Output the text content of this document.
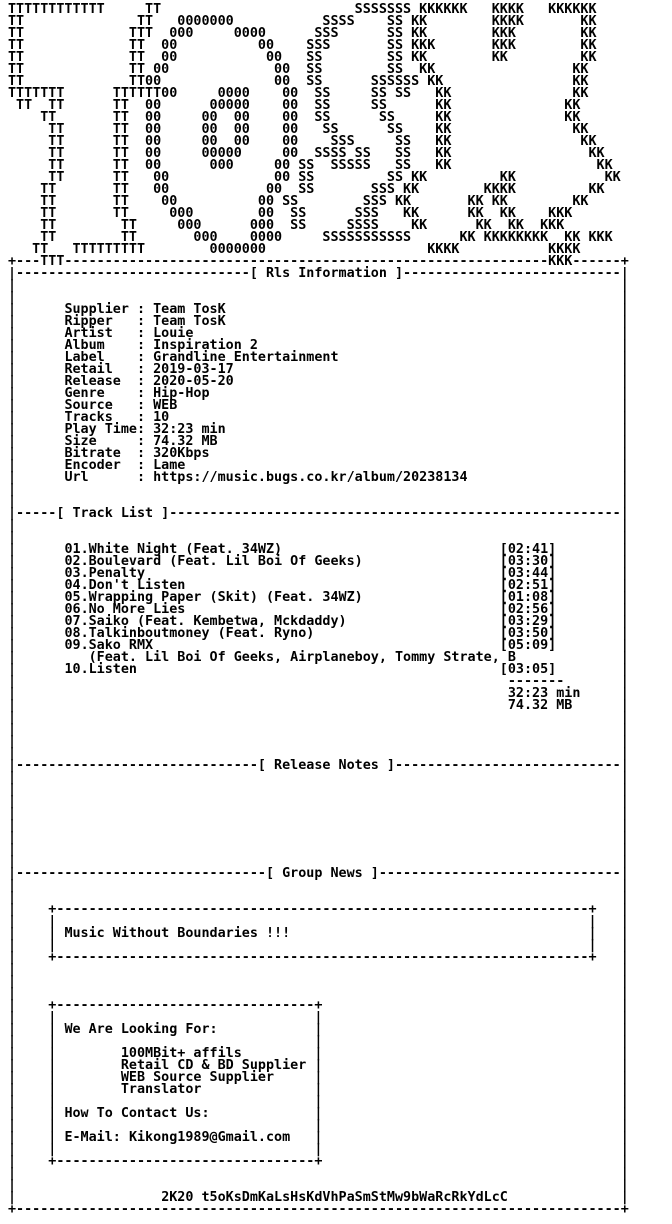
TTTTTTTTTTTT     TT                        SSSSSSS KKKKKK   KKKK   KKKKKK
TT              TT   0000000           SSSS    SS KK        KKKK       KK
TT             TTT  000     0000      SSS      SS KK        KKK        KK
TT             TT  00          00    SSS       SS KKK       KKK        KK
TT             TT  00           00   SS        SS KK        KK         KK
TT             TT 00             00  SS        SS  KK                 KK
TT             TT00              00  SS      SSSSSS KK                KK
TTTTTTT      TTTTTT00     0000    00  SS     SS SS   KK               KK
TT  TT      TT  00      00000    00  SS     SS      KK              KK
TT       TT  00     00  00    00  SS      SS     KK              KK
TT      TT  00     00  00    00   SS      SS    KK               KK
TT      TT  00     00  00    00    SSS     SS   KK                KK
TT      TT  00     00000     00  SSSS SS   SS   KK                 KK
TT      TT  00      000     00 SS  SSSSS   SS   KK                  KK
TT      TT   00             00 SS         SS KK         KK           KK
TT       TT   00            00  SS       SSS KK        KKKK         KK
TT       TT    00          00 SS        SSS KK       KK KK        KK
TT       TT     000        00  SS      SSS   KK      KK  KK    KKK
TT        TT     000      000  SS     SSSS    KK      KK  KK  KKK
TT        TT       000    0000     SSSSSSSSSSS      KK KKKKKKKK  KK KKK
TT   TTTTTTTTT        0000000                    KKKK           KKKK
+---TTT------------------------------------------------------------KKK------+
|-----------------------------[ Rls Information ]---------------------------|
|                                                                           |
|                                                                           |
|      Supplier : Team TosK                                                 |
|      Ripper   : Team TosK                                                 |
|      Artist   : Louie                                                     |
|      Album    : Inspiration 2                                             |
|      Label    : Grandline Entertainment                                   |
|      Retail   : 2019-03-17                                                |
|      Release  : 2020-05-20                                                |
|      Genre    : Hip-Hop                                                   |
|      Source   : WEB                                                       |
|      Tracks   : 10                                                        |
|      Play Time: 32:23 min                                                 |
|      Size     : 74.32 MB                                                  |
|      Bitrate  : 320Kbps                                                   |
|      Encoder  : Lame                                                      |
|      Url      : https://music.bugs.co.kr/album/20238134                   |
|                                                                           |
|                                                                           |
|-----[ Track List ]--------------------------------------------------------|
|                                                                           |
|                                                                           |
|      01.White Night (Feat. 34WZ)	[02:41]        |
|      02.Boulevard (Feat. Lil Boi Of Geeks)	[03:30]        |
|      03.Penalty	[03:44]        |
|      04.Don't Listen	[02:51]        |
|      05.Wrapping Paper (Skit) (Feat. 34WZ)	[01:08]        |
|      06.No More Lies	[02:56]        |
|      07.Saiko (Feat. Kembetwa, Mckdaddy)	[03:29]        |
|      08.Talkinboutmoney (Feat. Ryno)	[03:50]        |
|      09.Sako RMX	[05:09]        |
|         (Feat. Lil Boi Of Geeks, Airplaneboy, Tommy Strate, B             |
|      10.Listen	[03:05]        |
|                                                             -------       |
|                                                             32:23 min     |
|                                                             74.32 MB      |
|                                                                           |
|                                                                           |
|                                                                           |
|                                                                           |
|------------------------------[ Release Notes ]----------------------------|
|                                                                           |
|                                                                           |
|                                                                           |
|                                                                           |
|                                                                           |
|                                                                           |
|                                                                           |
|                                                                           |
|-------------------------------[ Group News ]------------------------------|
|                                                                           |
|                                                                           |
|    +------------------------------------------------------------------+   |
|    |                                                                  |   |
|    | Music Without Boundaries !!!                                     |   |
|    |                                                                  |   |
|    +------------------------------------------------------------------+   |
|                                                                           |
|                                                                           |
|                                                                           |
|    +--------------------------------+                                     |
|    |                                |                                     |
|    | We Are Looking For:            |                                     |
|    |                                |                                     |
|    |	100MBit+ affils         |                                     |
|    |	Retail CD & BD Supplier |                                     |
|    |	WEB Source Supplier     |                                     |
|    |	Translator              |                                     |
|    |                                |                                     |
|    | How To Contact Us:             |                                     |
|    |                                |                                     |
|    | E-Mail: Kikong1989@Gmail.com   |                                     |
|    |                                |                                     |
|    +--------------------------------+                                     |
|                                                                           |
|                                                                           |
|                  2K20 t5oKsDmKaLsHsKdVhPaSmStMw9bWaRcRkYdLcC              |
+---------------------------------------------------------------------------+
